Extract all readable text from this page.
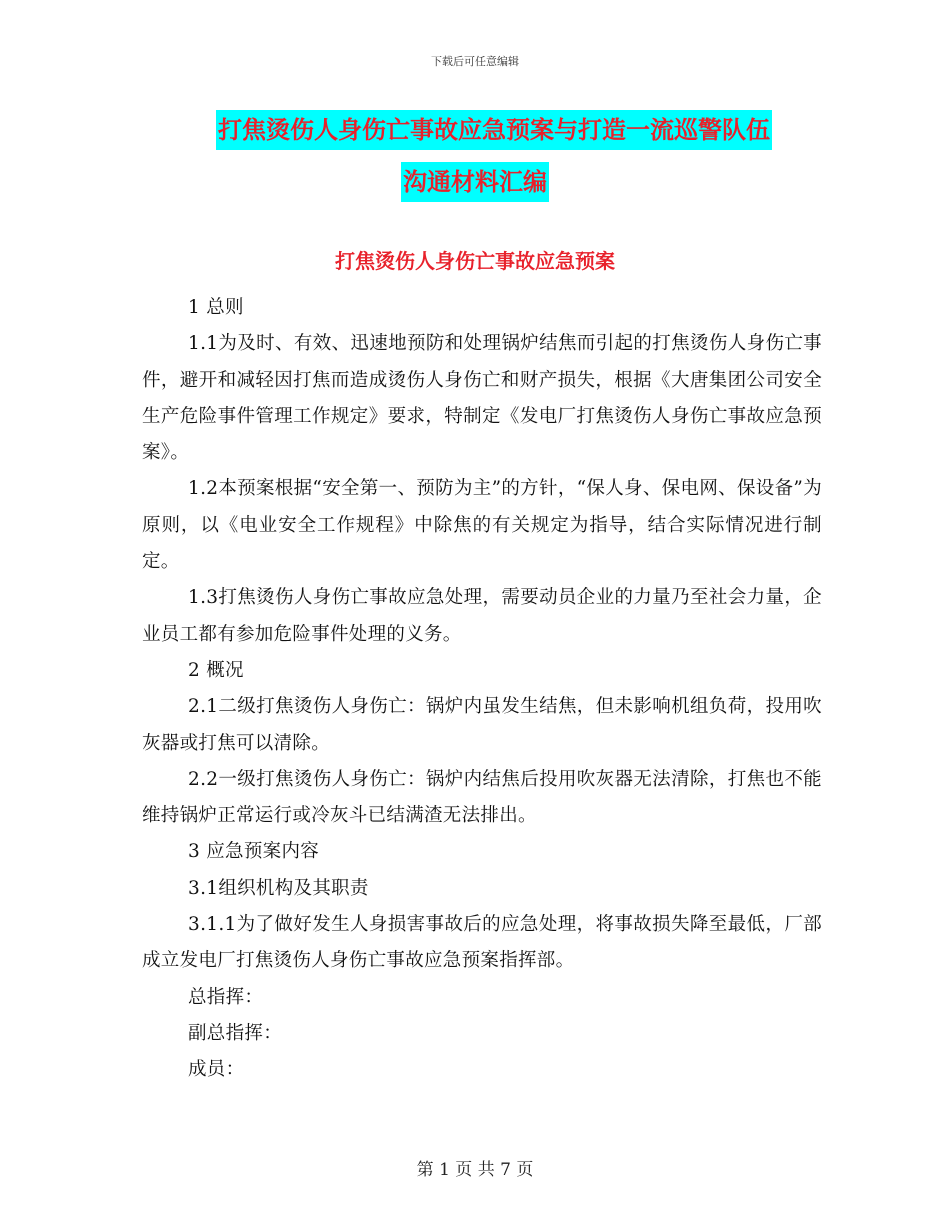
下载后可任意编辑
打焦烫伤人身伤亡事故应急预案与打造一流巡警队伍
沟通材料汇编
打焦烫伤人身伤亡事故应急预案

1 总则

1.1为及时、有效、迅速地预防和处理锅炉结焦而引起的打焦烫伤人身伤亡事件，避开和减轻因打焦而造成烫伤人身伤亡和财产损失，根据《大唐集团公司安全生产危险事件管理工作规定》要求，特制定《发电厂打焦烫伤人身伤亡事故应急预案》。

1.2本预案根据“安全第一、预防为主”的方针，“保人身、保电网、保设备”为原则，以《电业安全工作规程》中除焦的有关规定为指导，结合实际情况进行制定。

1.3打焦烫伤人身伤亡事故应急处理，需要动员企业的力量乃至社会力量，企业员工都有参加危险事件处理的义务。

2 概况

2.1二级打焦烫伤人身伤亡：锅炉内虽发生结焦，但未影响机组负荷，投用吹灰器或打焦可以清除。

2.2一级打焦烫伤人身伤亡：锅炉内结焦后投用吹灰器无法清除，打焦也不能维持锅炉正常运行或冷灰斗已结满渣无法排出。

3 应急预案内容

3.1组织机构及其职责

3.1.1为了做好发生人身损害事故后的应急处理，将事故损失降至最低，厂部成立发电厂打焦烫伤人身伤亡事故应急预案指挥部。

总指挥：

副总指挥：

成员：

第 1 页 共 7 页
